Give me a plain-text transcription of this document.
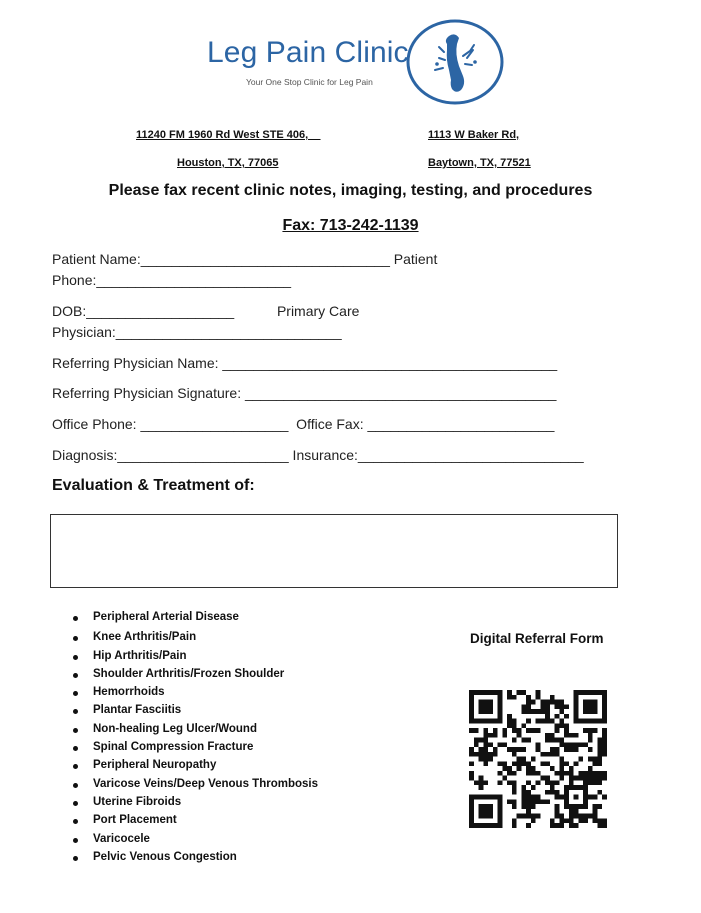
Leg Pain Clinic
Your One Stop Clinic for Leg Pain
11240 FM 1960 Rd West STE 406,__
Houston, TX, 77065
1113 W Baker Rd,
Baytown, TX, 77521
Please fax recent clinic notes, imaging, testing, and procedures
Fax: 713-242-1139
Patient Name:________________________________ Patient
Phone:_________________________
DOB:___________________           Primary Care
Physician:_____________________________
Referring Physician Name: ___________________________________________
Referring Physician Signature: ________________________________________
Office Phone: ___________________  Office Fax: ________________________
Diagnosis:______________________ Insurance:_____________________________
Evaluation & Treatment of:
Peripheral Arterial Disease
Knee Arthritis/Pain
Hip Arthritis/Pain
Shoulder Arthritis/Frozen Shoulder
Hemorrhoids
Plantar Fasciitis
Non-healing Leg Ulcer/Wound
Spinal Compression Fracture
Peripheral Neuropathy
Varicose Veins/Deep Venous Thrombosis
Uterine Fibroids
Port Placement
Varicocele
Pelvic Venous Congestion
Digital Referral Form
